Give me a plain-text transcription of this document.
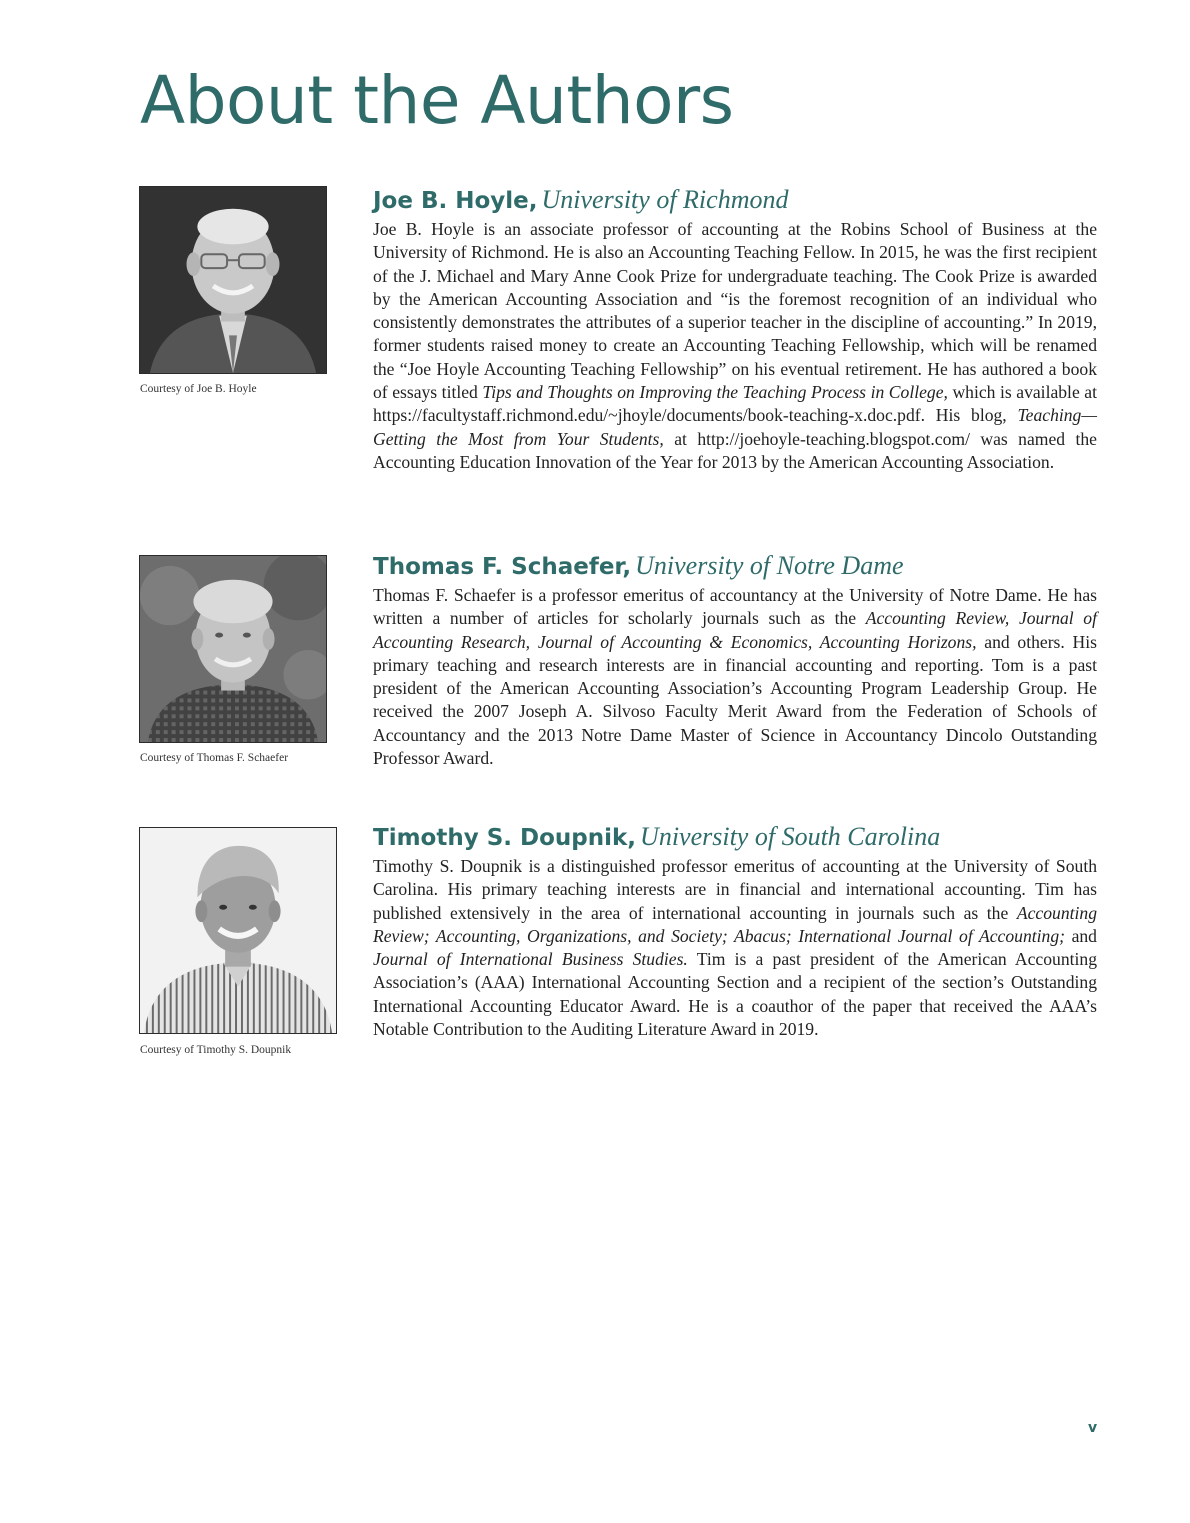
About the Authors
Courtesy of Joe B. Hoyle

Joe B. Hoyle, University of Richmond

Joe B. Hoyle is an associate professor of accounting at the Robins School of Business at the University of Richmond. He is also an Accounting Teaching Fellow. In 2015, he was the first recipient of the J. Michael and Mary Anne Cook Prize for undergraduate teaching. The Cook Prize is awarded by the American Accounting Association and “is the foremost recognition of an individual who consistently demonstrates the attributes of a superior teacher in the discipline of accounting.” In 2019, former students raised money to create an Accounting Teaching Fellowship, which will be renamed the “Joe Hoyle Accounting Teaching Fellowship” on his eventual retirement. He has authored a book of essays titled Tips and Thoughts on Improving the Teaching Process in College, which is available at https://facultystaff.richmond​.edu/~jhoyle/documents/book-teaching-x.doc.pdf. His blog, Teaching—Getting the Most from Your Students, at http://joehoyle-teaching.blogspot.com/ was named the Accounting Education Innovation of the Year for 2013 by the American Accounting Association.

Courtesy of Thomas F. Schaefer

Thomas F. Schaefer, University of Notre Dame

Thomas F. Schaefer is a professor emeritus of accountancy at the University of Notre Dame. He has written a number of articles for scholarly journals such as the Accounting Review, Journal of Accounting Research, Journal of Accounting & Economics, Accounting Horizons, and others. His primary teaching and research interests are in financial accounting and reporting. Tom is a past president of the American Accounting Association’s Accounting Program Leadership Group. He received the 2007 Joseph A. Silvoso Faculty Merit Award from the Federation of Schools of Accountancy and the 2013 Notre Dame Master of Science in Accountancy Dincolo Outstanding Professor Award.

Courtesy of Timothy S. Doupnik

Timothy S. Doupnik, University of South Carolina

Timothy S. Doupnik is a distinguished professor emeritus of accounting at the University of South Carolina. His primary teaching interests are in financial and international accounting. Tim has published extensively in the area of international accounting in journals such as the Accounting Review; Accounting, Organizations, and Society; Abacus; International Journal of Accounting; and Journal of International Business Studies. Tim is a past president of the American Accounting Association’s (AAA) International Accounting Section and a recipient of the section’s Outstanding International Accounting Educator Award. He is a coauthor of the paper that received the AAA’s Notable Contribution to the Auditing Literature Award in 2019.

v
